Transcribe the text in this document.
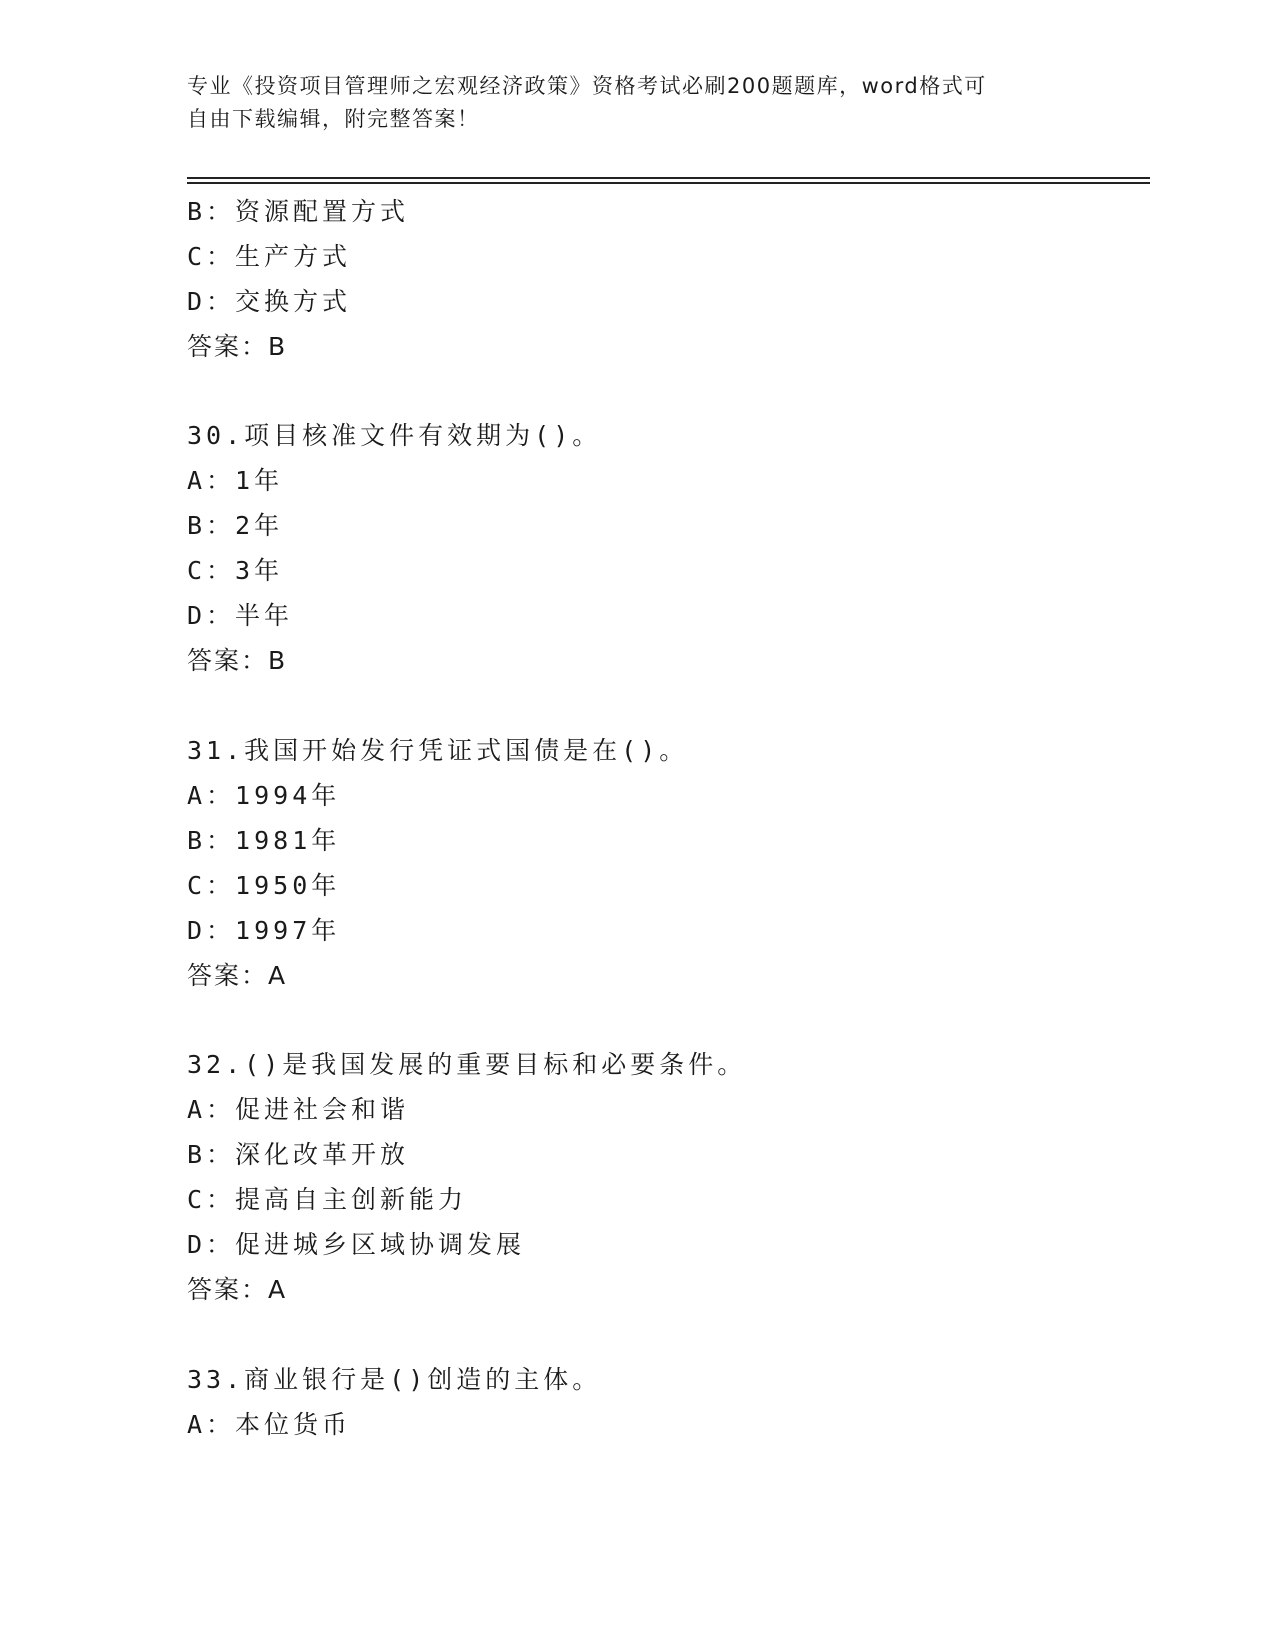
专业《投资项目管理师之宏观经济政策》资格考试必刷200题题库，word格式可
自由下载编辑，附完整答案！
B：资源配置方式
C：生产方式
D：交换方式
答案：B
30.项目核准文件有效期为()。
A：1年
B：2年
C：3年
D：半年
答案：B
31.我国开始发行凭证式国债是在()。
A：1994年
B：1981年
C：1950年
D：1997年
答案：A
32.()是我国发展的重要目标和必要条件。
A：促进社会和谐
B：深化改革开放
C：提高自主创新能力
D：促进城乡区域协调发展
答案：A
33.商业银行是()创造的主体。
A：本位货币
